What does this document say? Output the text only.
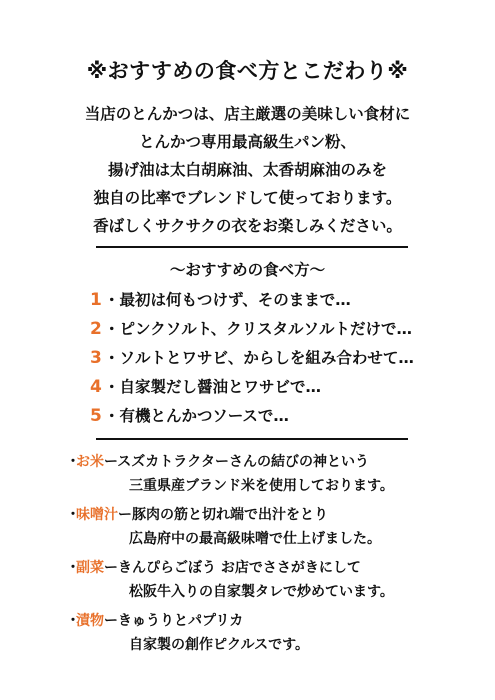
※おすすめの食べ方とこだわり※
当店のとんかつは、店主厳選の美味しい食材に
とんかつ専用最高級生パン粉、
揚げ油は太白胡麻油、太香胡麻油のみを
独自の比率でブレンドして使っております。
香ばしくサクサクの衣をお楽しみください。
～おすすめの食べ方～
1 ・最初は何もつけず、そのままで…
2 ・ピンクソルト、クリスタルソルトだけで…
3 ・ソルトとワサビ、からしを組み合わせて…
4 ・自家製だし醤油とワサビで…
5 ・有機とんかつソースで…
・お米ースズカトラクターさんの結びの神という
三重県産ブランド米を使用しております。
・味噌汁ー豚肉の筋と切れ端で出汁をとり
広島府中の最高級味噌で仕上げました。
・副菜ーきんぴらごぼう お店でささがきにして
松阪牛入りの自家製タレで炒めています。
・漬物ーきゅうりとパプリカ
自家製の創作ピクルスです。
